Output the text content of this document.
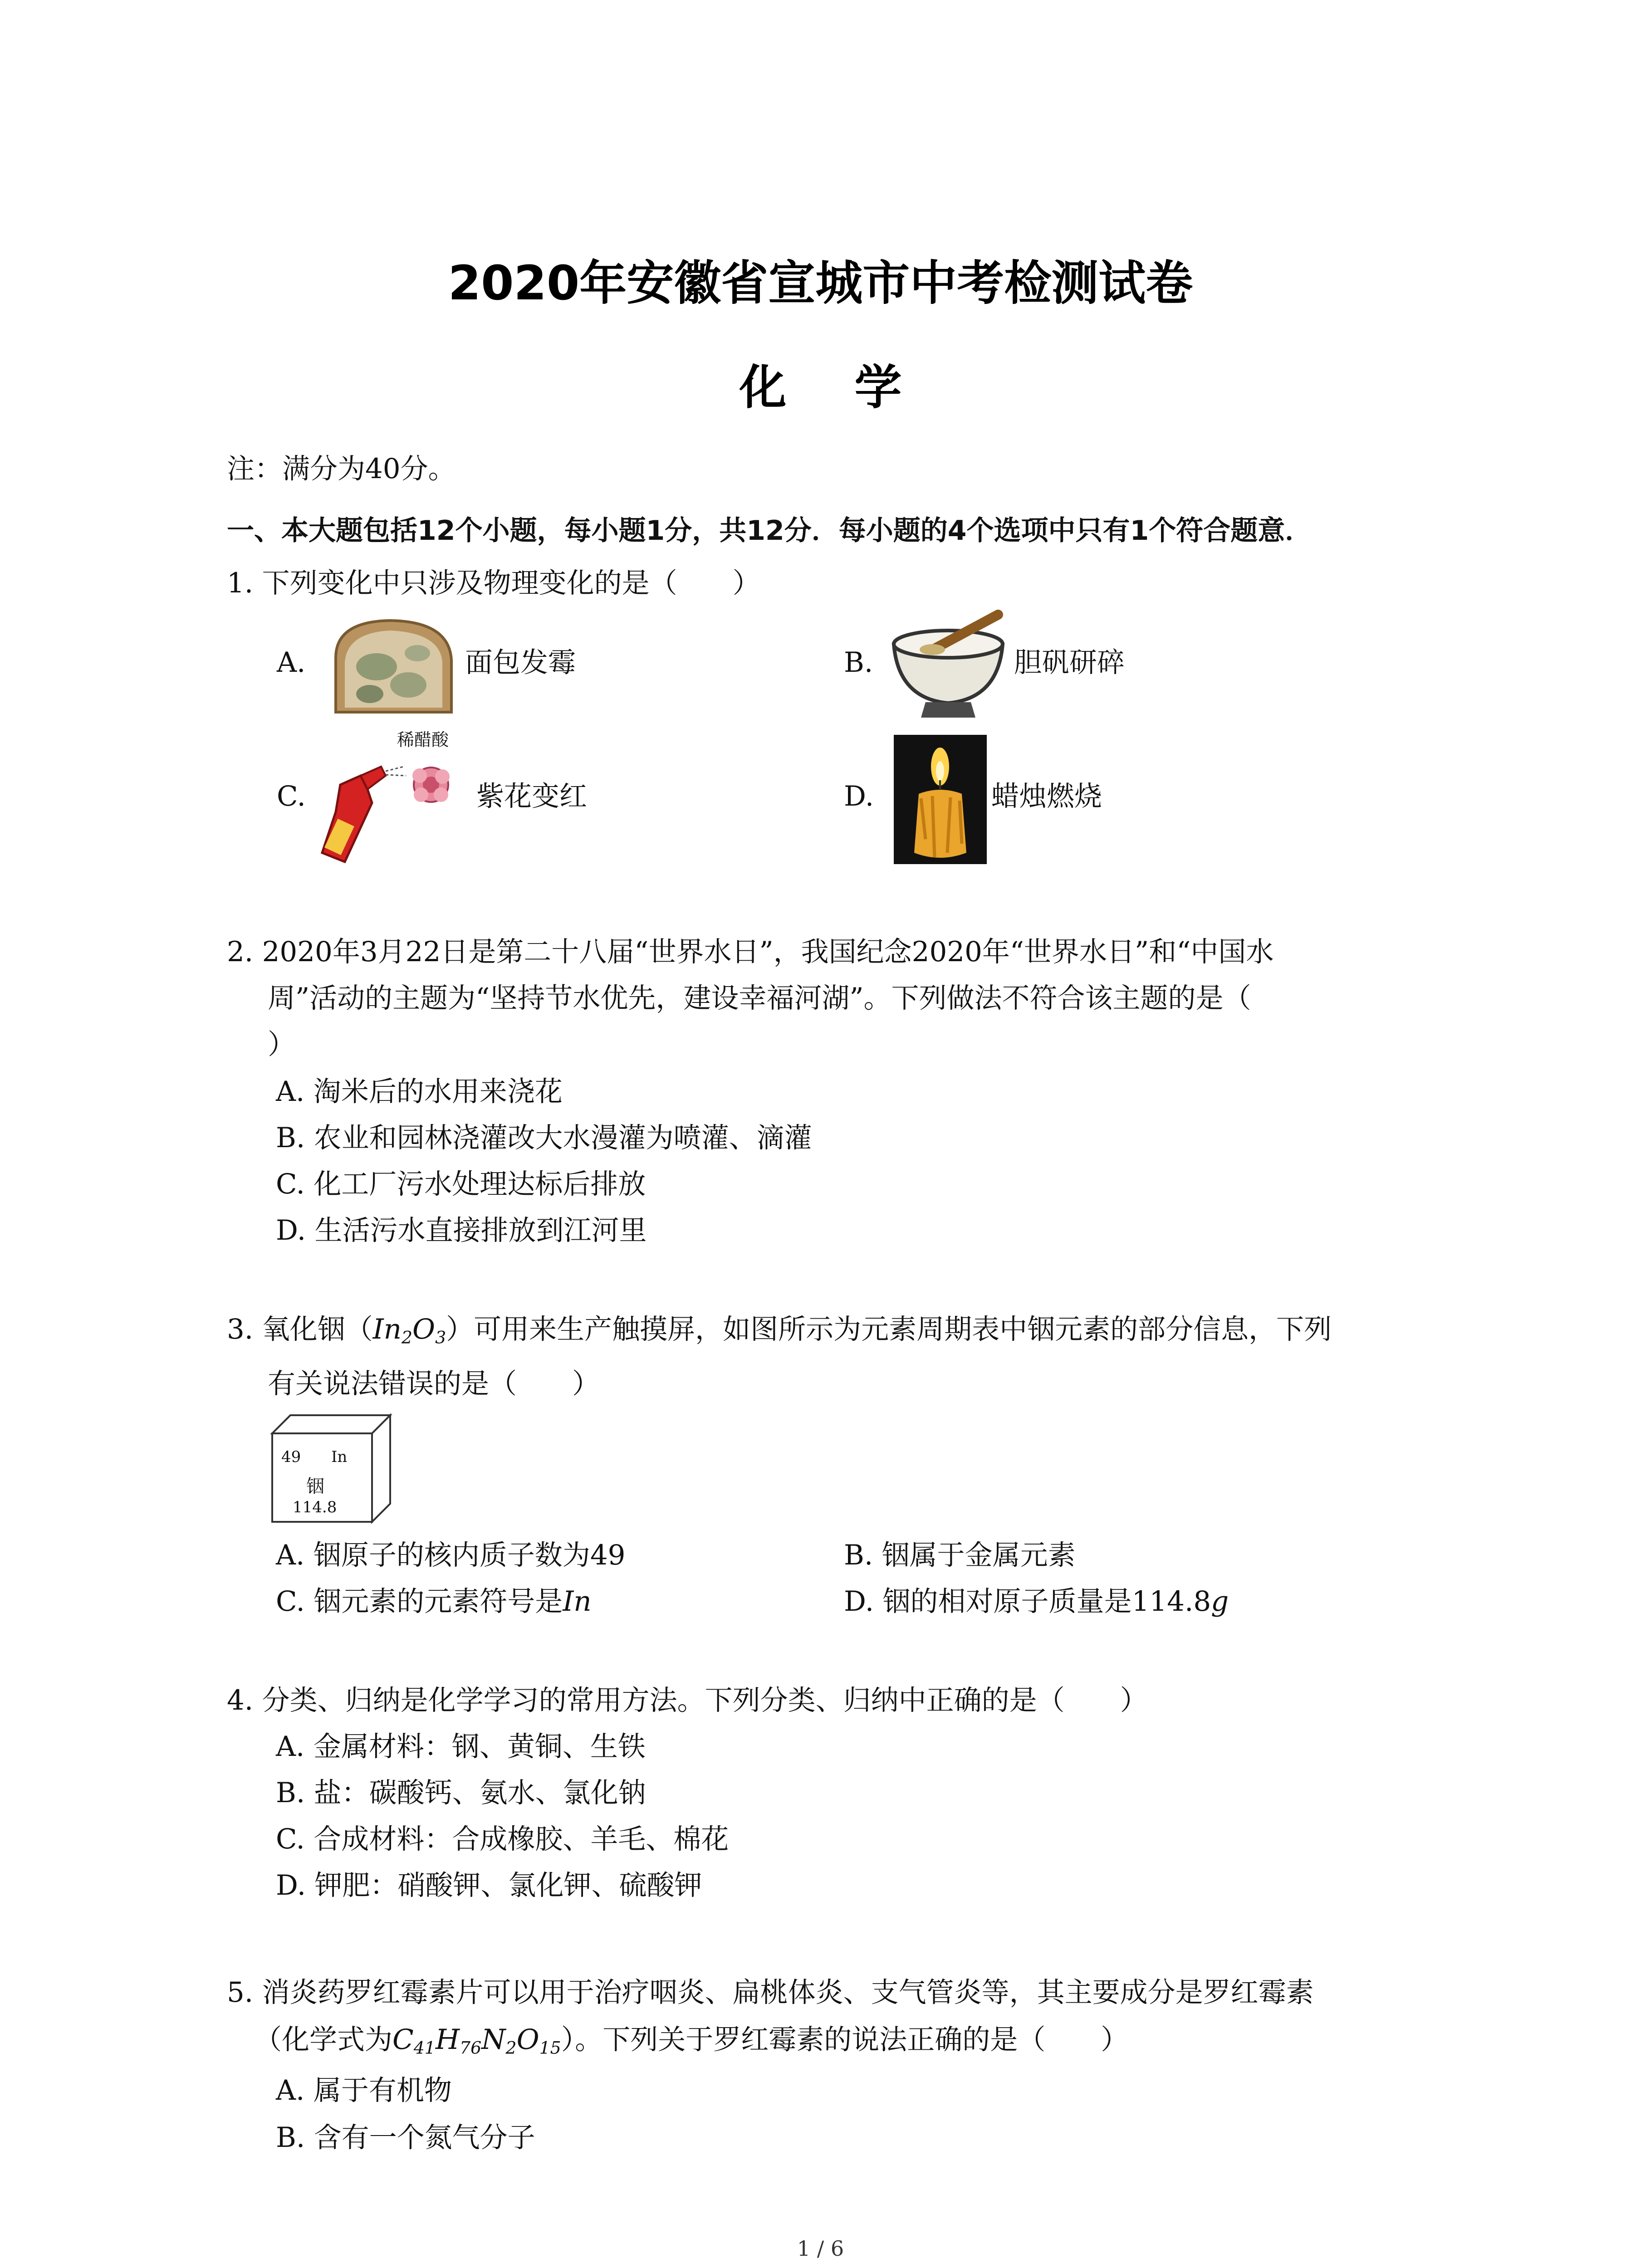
2020年安徽省宣城市中考检测试卷
化学
注：满分为40分。
一、本大题包括12个小题，每小题1分，共12分．每小题的4个选项中只有1个符合题意．
1. 下列变化中只涉及物理变化的是（　　）
A.	面包发霉	B.	胆矾研碎
C.
稀醋酸
紫花变红	D.	蜡烛燃烧
2. 2020年3月22日是第二十八届“世界水日”，我国纪念2020年“世界水日”和“中国水
周”活动的主题为“坚持节水优先，建设幸福河湖”。下列做法不符合该主题的是（
）
A. 淘米后的水用来浇花
B. 农业和园林浇灌改大水漫灌为喷灌、滴灌
C. 化工厂污水处理达标后排放
D. 生活污水直接排放到江河里
3. 氧化铟$(In_2O_3)$可用来生产触摸屏，如图所示为元素周期表中铟元素的部分信息，下列
有关说法错误的是（　　）
49 In
铟
114.8
A. 铟原子的核内质子数为49	B. 铟属于金属元素
C. 铟元素的元素符号是In	D. 铟的相对原子质量是114.8g
4. 分类、归纳是化学学习的常用方法。下列分类、归纳中正确的是（　　）
A. 金属材料：钢、黄铜、生铁
B. 盐：碳酸钙、氨水、氯化钠
C. 合成材料：合成橡胶、羊毛、棉花
D. 钾肥：硝酸钾、氯化钾、硫酸钾
5. 消炎药罗红霉素片可以用于治疗咽炎、扁桃体炎、支气管炎等，其主要成分是罗红霉素
（化学式为$C_{41}H_{76}N_2O_{15}$）。下列关于罗红霉素的说法正确的是（　　）
A. 属于有机物
B. 含有一个氮气分子
1 / 6
